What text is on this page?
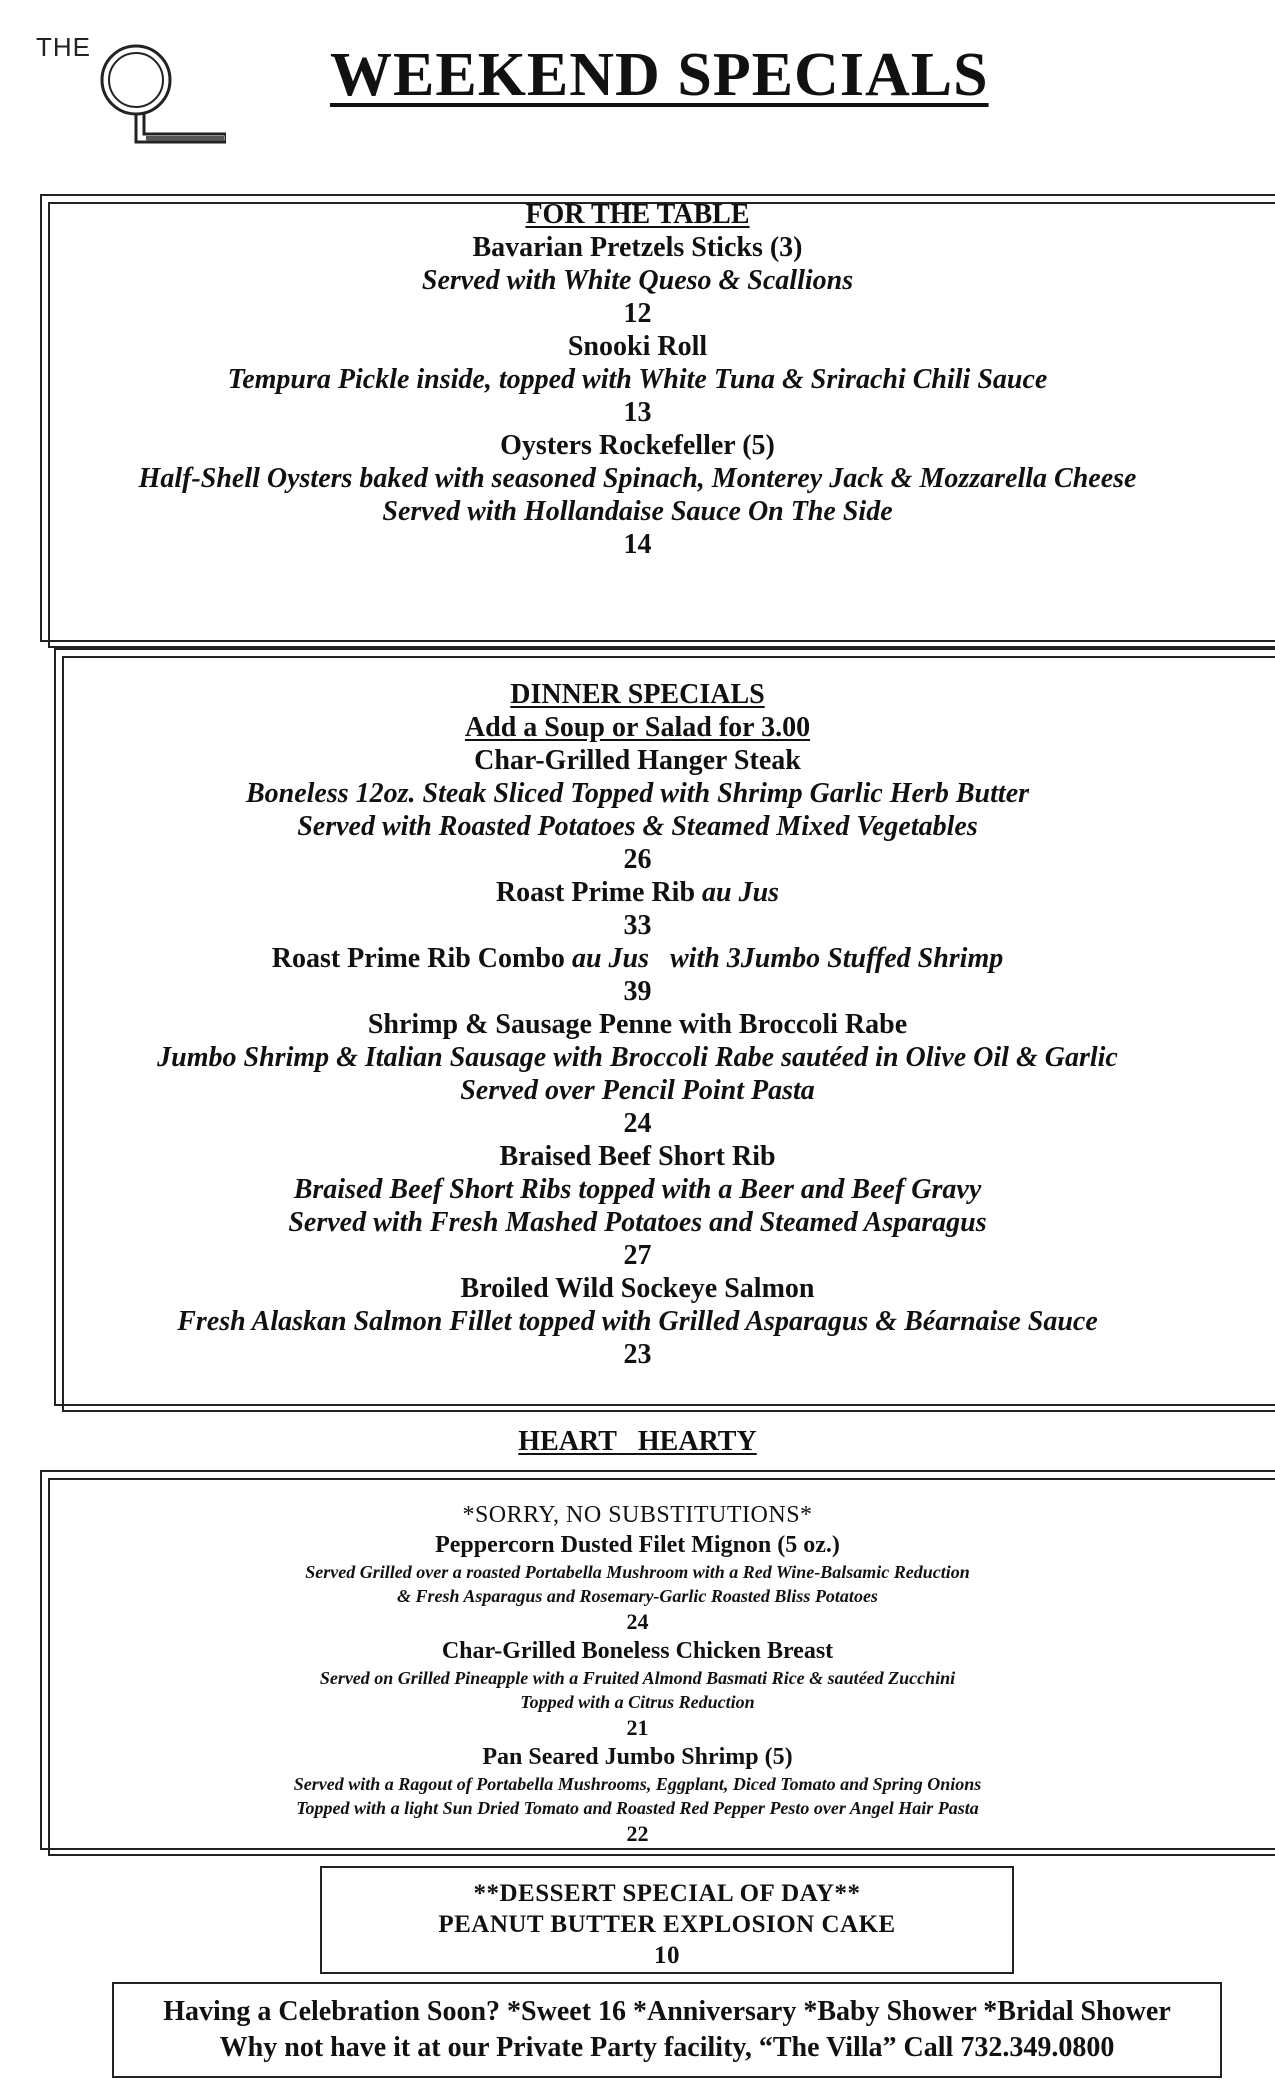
THE	WEEKEND SPECIALS
FOR THE TABLE
Bavarian Pretzels Sticks (3)
Served with White Queso & Scallions
12
Snooki Roll
Tempura Pickle inside, topped with White Tuna & Srirachi Chili Sauce
13
Oysters Rockefeller (5)
Half-Shell Oysters baked with seasoned Spinach, Monterey Jack & Mozzarella Cheese
Served with Hollandaise Sauce On The Side
14
DINNER SPECIALS
Add a Soup or Salad for 3.00
Char-Grilled Hanger Steak
Boneless 12oz. Steak Sliced Topped with Shrimp Garlic Herb Butter
Served with Roasted Potatoes & Steamed Mixed Vegetables
26
Roast Prime Rib au Jus
33
Roast Prime Rib Combo au Jus with 3Jumbo Stuffed Shrimp
39
Shrimp & Sausage Penne with Broccoli Rabe
Jumbo Shrimp & Italian Sausage with Broccoli Rabe sautéed in Olive Oil & Garlic
Served over Pencil Point Pasta
24
Braised Beef Short Rib
Braised Beef Short Ribs topped with a Beer and Beef Gravy
Served with Fresh Mashed Potatoes and Steamed Asparagus
27
Broiled Wild Sockeye Salmon
Fresh Alaskan Salmon Fillet topped with Grilled Asparagus & Béarnaise Sauce
23
HEART HEARTY
*SORRY, NO SUBSTITUTIONS*
Peppercorn Dusted Filet Mignon (5 oz.)
Served Grilled over a roasted Portabella Mushroom with a Red Wine-Balsamic Reduction
& Fresh Asparagus and Rosemary-Garlic Roasted Bliss Potatoes
24
Char-Grilled Boneless Chicken Breast
Served on Grilled Pineapple with a Fruited Almond Basmati Rice & sautéed Zucchini
Topped with a Citrus Reduction
21
Pan Seared Jumbo Shrimp (5)
Served with a Ragout of Portabella Mushrooms, Eggplant, Diced Tomato and Spring Onions
Topped with a light Sun Dried Tomato and Roasted Red Pepper Pesto over Angel Hair Pasta
22
**DESSERT SPECIAL OF DAY**
PEANUT BUTTER EXPLOSION CAKE
10
Having a Celebration Soon? *Sweet 16 *Anniversary *Baby Shower *Bridal Shower
Why not have it at our Private Party facility, “The Villa” Call 732.349.0800
